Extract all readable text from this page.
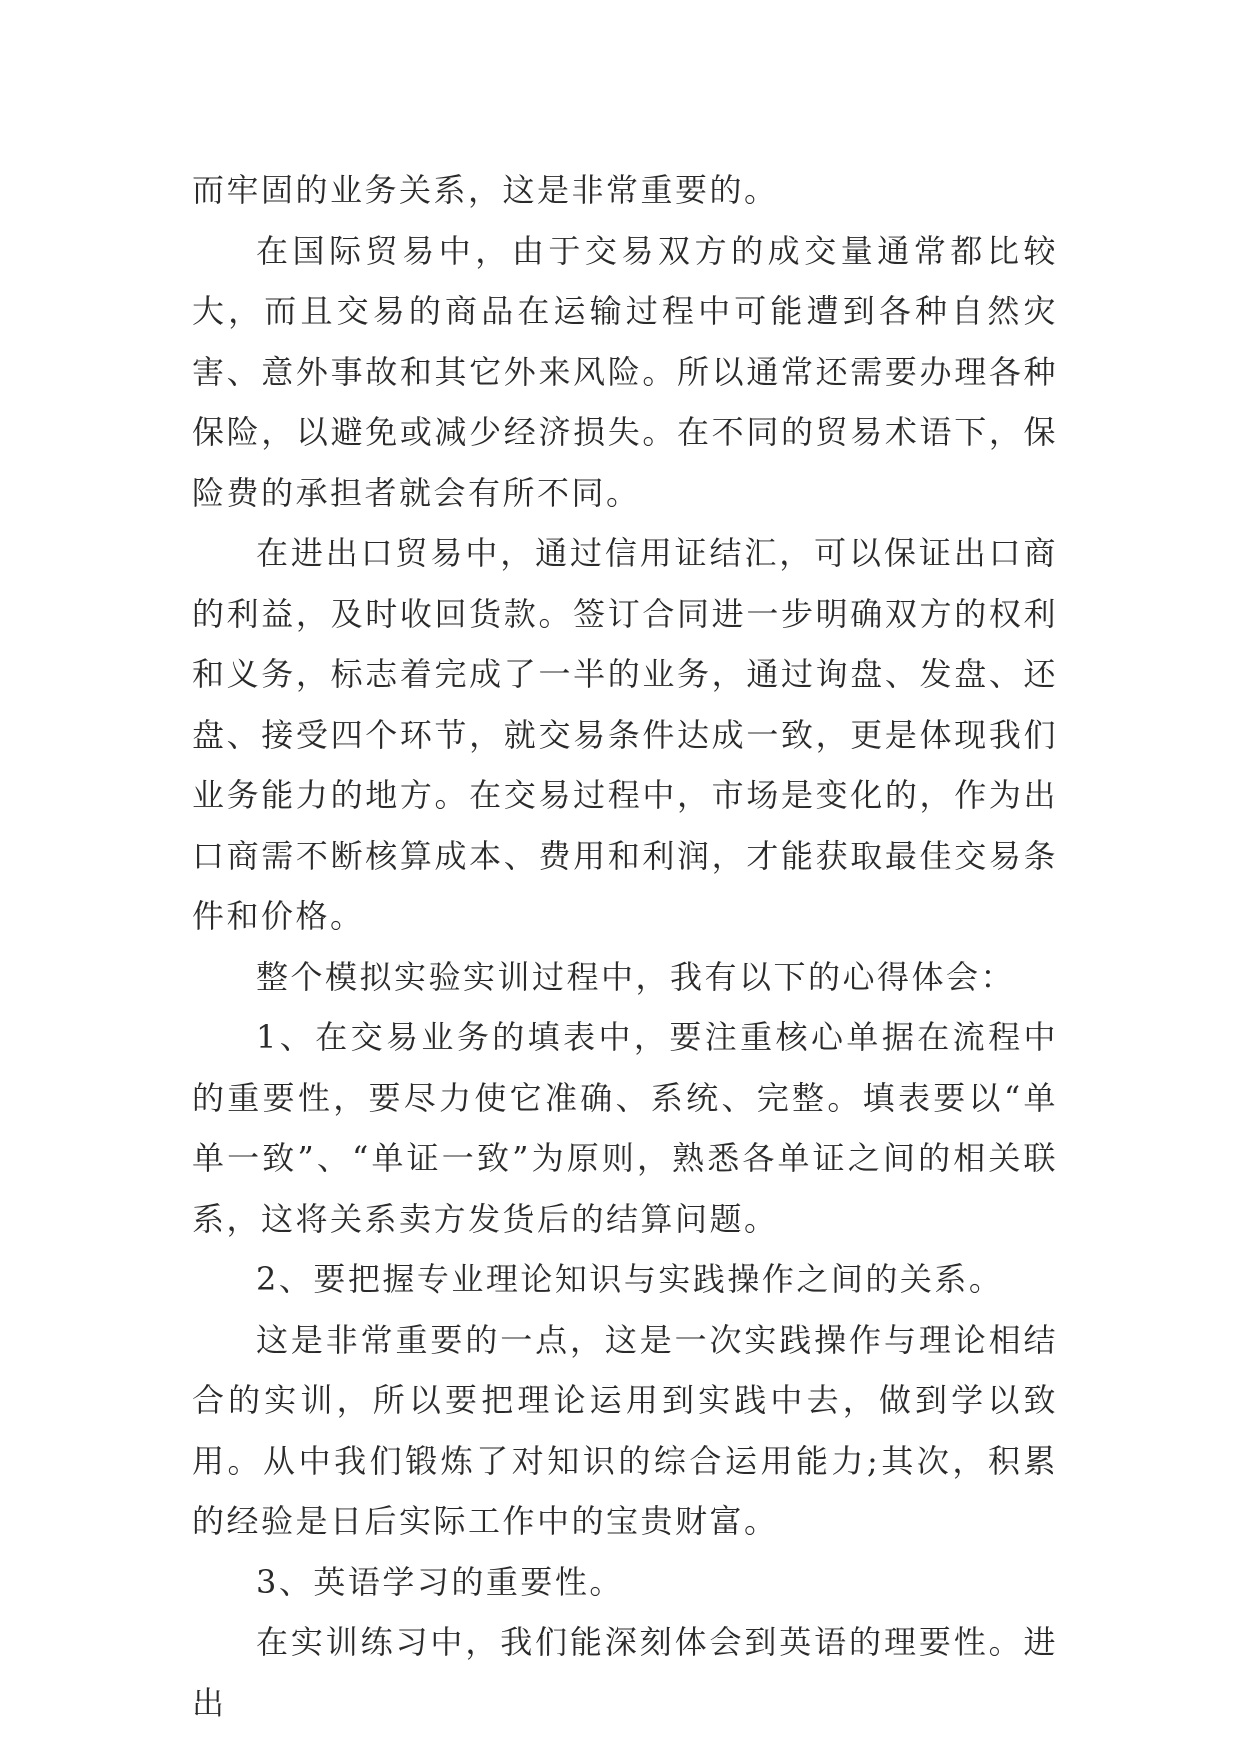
而牢固的业务关系，这是非常重要的。

在国际贸易中，由于交易双方的成交量通常都比较大，而且交易的商品在运输过程中可能遭到各种自然灾害、意外事故和其它外来风险。所以通常还需要办理各种保险，以避免或减少经济损失。在不同的贸易术语下，保险费的承担者就会有所不同。

在进出口贸易中，通过信用证结汇，可以保证出口商的利益，及时收回货款。签订合同进一步明确双方的权利和义务，标志着完成了一半的业务，通过询盘、发盘、还盘、接受四个环节，就交易条件达成一致，更是体现我们业务能力的地方。在交易过程中，市场是变化的，作为出口商需不断核算成本、费用和利润，才能获取最佳交易条件和价格。

整个模拟实验实训过程中，我有以下的心得体会：

1、在交易业务的填表中，要注重核心单据在流程中的重要性，要尽力使它准确、系统、完整。填表要以“单单一致”、“单证一致”为原则，熟悉各单证之间的相关联系，这将关系卖方发货后的结算问题。

2、要把握专业理论知识与实践操作之间的关系。

这是非常重要的一点，这是一次实践操作与理论相结合的实训，所以要把理论运用到实践中去，做到学以致用。从中我们锻炼了对知识的综合运用能力;其次，积累的经验是日后实际工作中的宝贵财富。

3、英语学习的重要性。

在实训练习中，我们能深刻体会到英语的理要性。进出
